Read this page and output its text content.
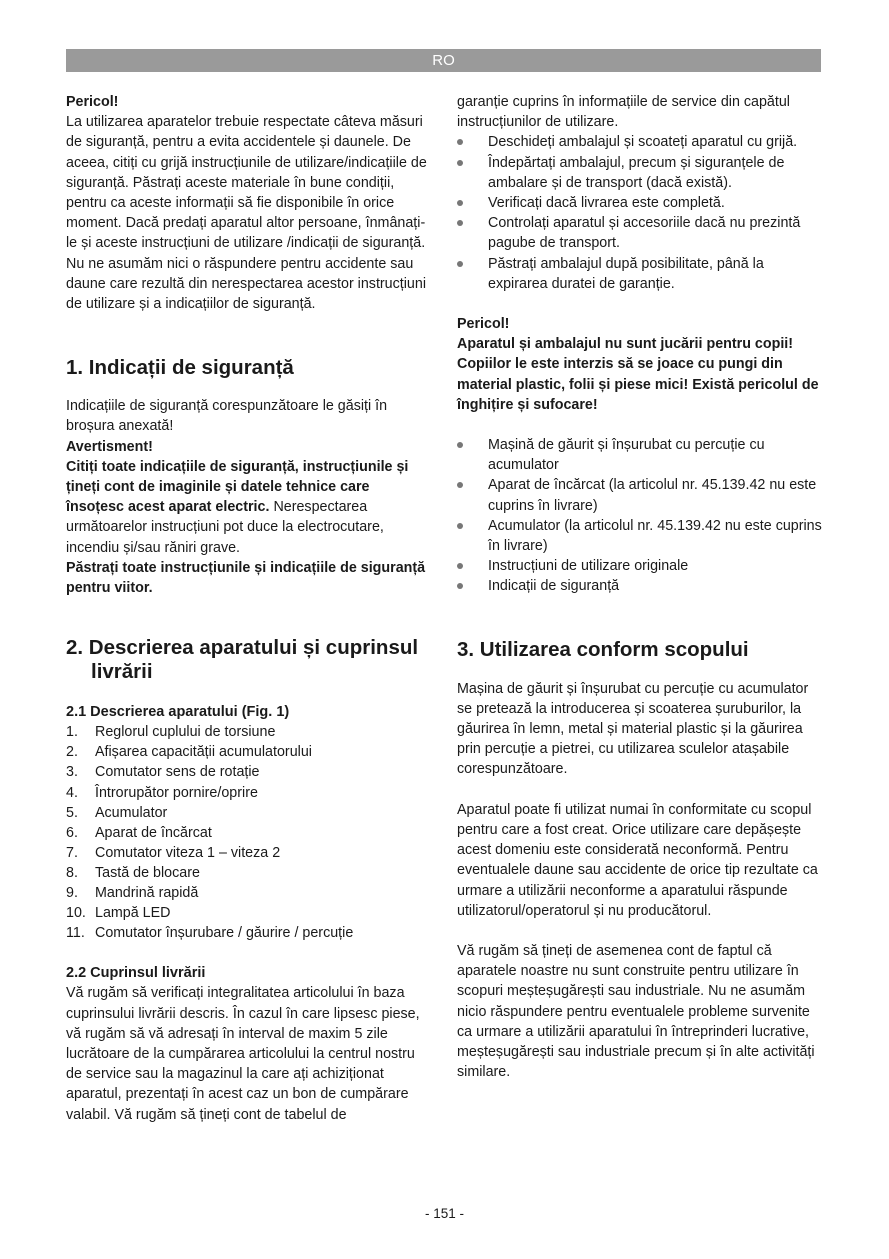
RO

Pericol!

La utilizarea aparatelor trebuie respectate câteva măsuri de siguranță, pentru a evita accidentele și daunele. De aceea, citiți cu grijă instrucțiunile de utilizare/indicațiile de siguranță. Păstrați aceste materiale în bune condiții, pentru ca aceste informații să fie disponibile în orice moment. Dacă predați aparatul altor persoane, înmânați-le și aceste instrucțiuni de utilizare /indicații de siguranță. Nu ne asumăm nici o răspundere pentru accidente sau daune care rezultă din nerespectarea acestor instrucțiuni de utilizare și a indicațiilor de siguranță.

1. Indicații de siguranță

Indicațiile de siguranță corespunzătoare le găsiți în broșura anexată!

Avertisment!

Citiți toate indicațiile de siguranță, instrucțiunile și țineți cont de imaginile și datele tehnice care însoțesc acest aparat electric. Nerespectarea următoarelor instrucțiuni pot duce la electrocutare, incendiu și/sau răniri grave.

Păstrați toate instrucțiunile și indicațiile de siguranță pentru viitor.

2. Descrierea aparatului și cuprinsul
livrării

2.1 Descrierea aparatului (Fig. 1)

1. Reglorul cuplului de torsiune
2. Afișarea capacității acumulatorului
3. Comutator sens de rotație
4. Întrorupător pornire/oprire
5. Acumulator
6. Aparat de încărcat
7. Comutator viteza 1 – viteza 2
8. Tastă de blocare
9. Mandrină rapidă
10. Lampă LED
11. Comutator înșurubare / găurire / percuție

2.2 Cuprinsul livrării

Vă rugăm să verificați integralitatea articolului în baza cuprinsului livrării descris. În cazul în care lipsesc piese, vă rugăm să vă adresați în interval de maxim 5 zile lucrătoare de la cumpărarea articolului la centrul nostru de service sau la magazinul la care ați achiziționat aparatul, prezentați în acest caz un bon de cumpărare valabil. Vă rugăm să țineți cont de tabelul de

garanție cuprins în informațiile de service din capătul instrucțiunilor de utilizare.

Deschideți ambalajul și scoateți aparatul cu grijă.
Îndepărtați ambalajul, precum și siguranțele de ambalare și de transport (dacă există).
Verificați dacă livrarea este completă.
Controlați aparatul și accesoriile dacă nu prezintă pagube de transport.
Păstrați ambalajul după posibilitate, până la expirarea duratei de garanție.

Pericol!

Aparatul și ambalajul nu sunt jucării pentru copii! Copiilor le este interzis să se joace cu pungi din material plastic, folii și piese mici! Există pericolul de înghițire și sufocare!

Mașină de găurit și înșurubat cu percuție cu acumulator
Aparat de încărcat (la articolul nr. 45.139.42 nu este cuprins în livrare)
Acumulator (la articolul nr. 45.139.42 nu este cuprins în livrare)
Instrucțiuni de utilizare originale
Indicații de siguranță

3. Utilizarea conform scopului

Mașina de găurit și înșurubat cu percuție cu acumulator se pretează la introducerea și scoaterea șuruburilor, la găurirea în lemn, metal și material plastic și la găurirea prin percuție a pietrei, cu utilizarea sculelor atașabile corespunzătoare.

Aparatul poate fi utilizat numai în conformitate cu scopul pentru care a fost creat. Orice utilizare care depășește acest domeniu este considerată neconformă. Pentru eventualele daune sau accidente de orice tip rezultate ca urmare a utilizării neconforme a aparatului răspunde utilizatorul/operatorul și nu producătorul.

Vă rugăm să țineți de asemenea cont de faptul că aparatele noastre nu sunt construite pentru utilizare în scopuri meșteșugărești sau industriale. Nu ne asumăm nicio răspundere pentru eventualele probleme survenite ca urmare a utilizării aparatului în întreprinderi lucrative, meșteșugărești sau industriale precum și în alte activități similare.

- 151 -
